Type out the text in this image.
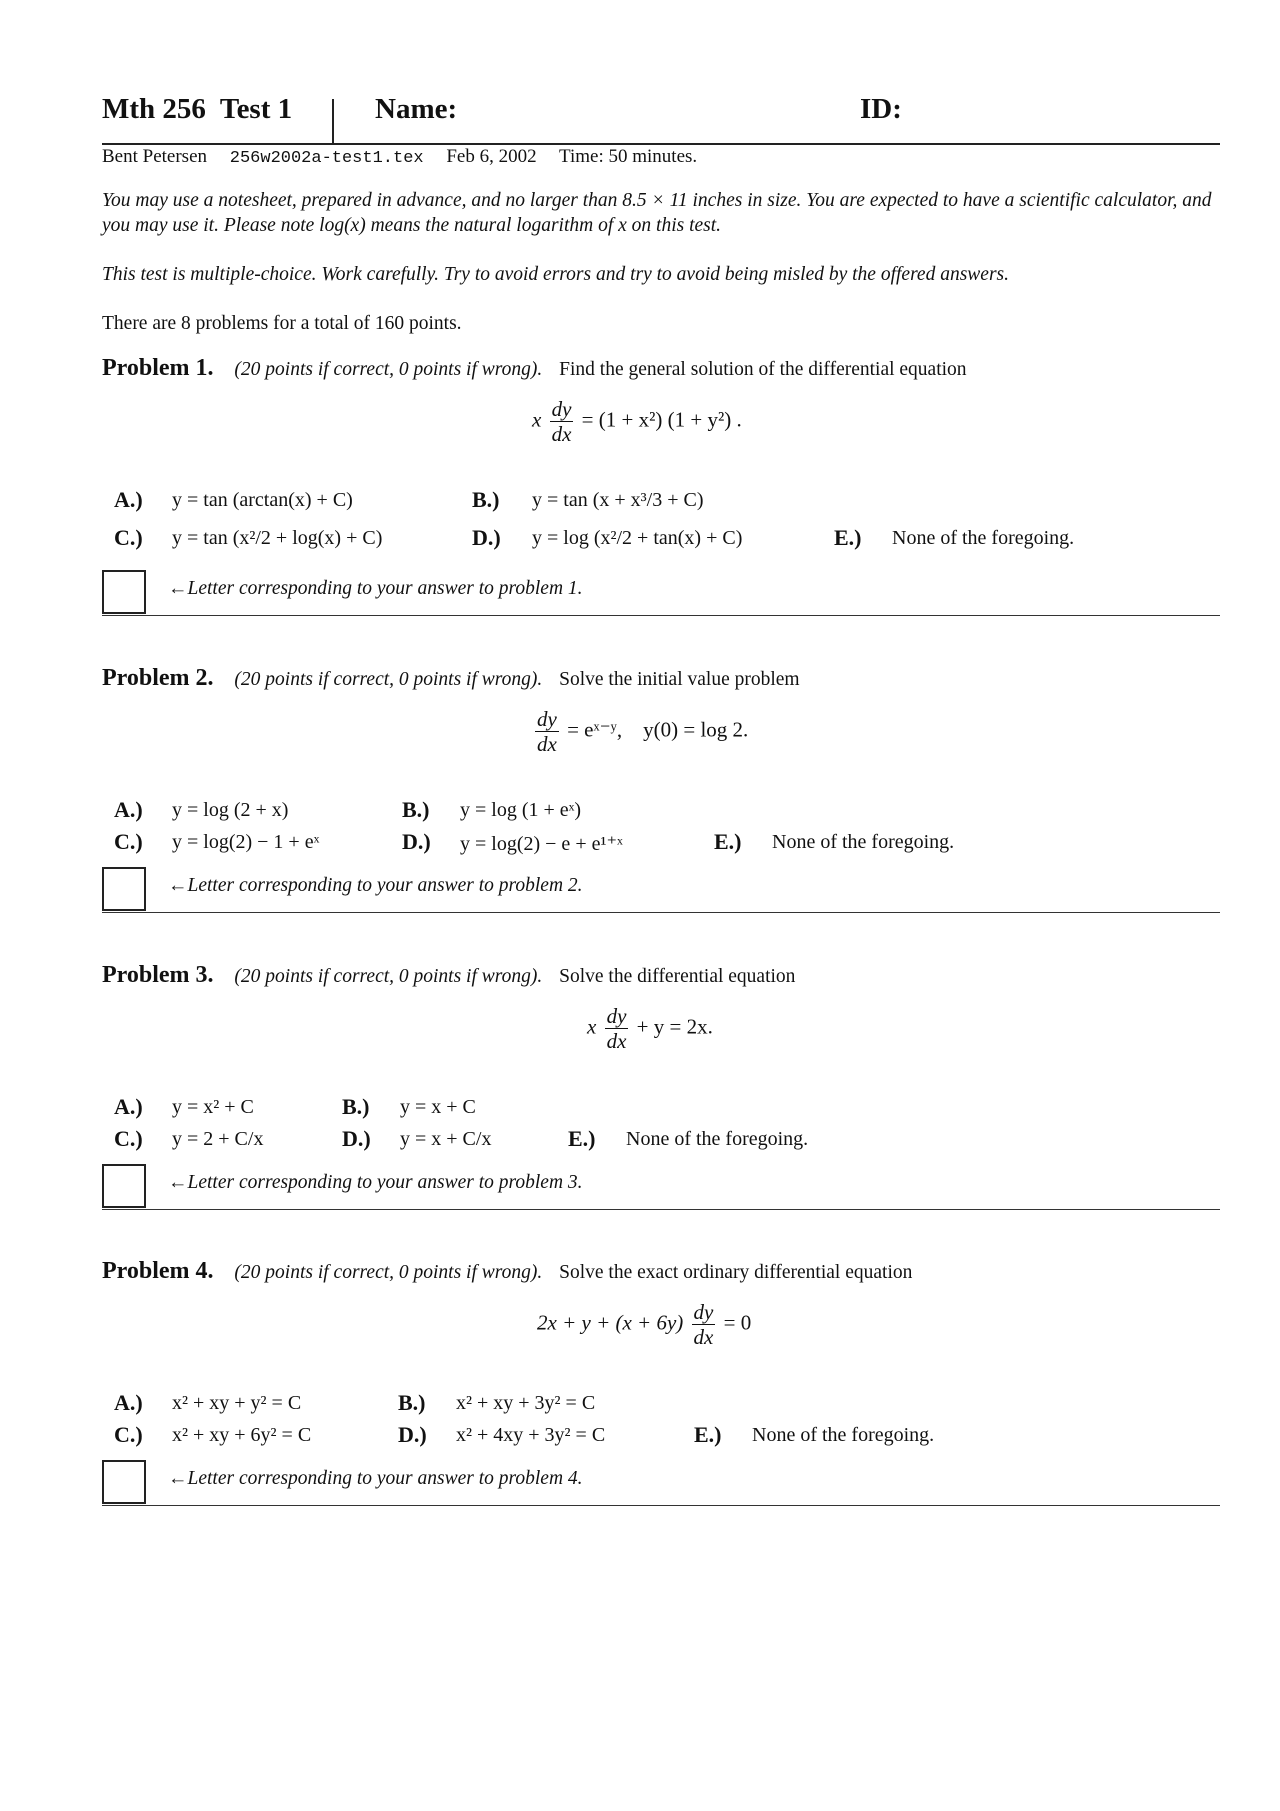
Mth 256  Test 1	Name:	ID:
Bent Petersen 256w2002a-test1.tex Feb 6, 2002 Time: 50 minutes.
You may use a notesheet, prepared in advance, and no larger than 8.5 × 11 inches in size. You are expected to have a scientific calculator, and you may use it. Please note log(x) means the natural logarithm of x on this test.
This test is multiple-choice. Work carefully. Try to avoid errors and try to avoid being misled by the offered answers.
There are 8 problems for a total of 160 points.
Problem 1. (20 points if correct, 0 points if wrong). Find the general solution of the differential equation
x $\frac{dy}{dx} = (1 + x^2) (1 + y^2)$ .
A.) y = tan (arctan(x) + C)	B.) y = tan (x + x³/3 + C)
C.) y = tan (x²/2 + log(x) + C)	D.) y = log (x²/2 + tan(x) + C)	E.) None of the foregoing.
←Letter corresponding to your answer to problem 1.
Problem 2. (20 points if correct, 0 points if wrong). Solve the initial value problem
$\frac{dy}{dx}$ = eˣ⁻ʸ,    y(0) = log 2.
A.) y = log (2 + x)	B.) y = log (1 + eˣ)
C.) y = log(2) − 1 + eˣ	D.) y = log(2) − e + e¹⁺ˣ	E.) None of the foregoing.
←Letter corresponding to your answer to problem 2.
Problem 3. (20 points if correct, 0 points if wrong). Solve the differential equation
x $\frac{dy}{dx} + y = 2x$.
A.) y = x² + C	B.) y = x + C
C.) y = 2 + C/x	D.) y = x + C/x	E.) None of the foregoing.
←Letter corresponding to your answer to problem 3.
Problem 4. (20 points if correct, 0 points if wrong). Solve the exact ordinary differential equation
$2x + y + (x + 6y) \frac{dy}{dx} = 0$
A.) x² + xy + y² = C	B.) x² + xy + 3y² = C
C.) x² + xy + 6y² = C	D.) x² + 4xy + 3y² = C	E.) None of the foregoing.
←Letter corresponding to your answer to problem 4.
